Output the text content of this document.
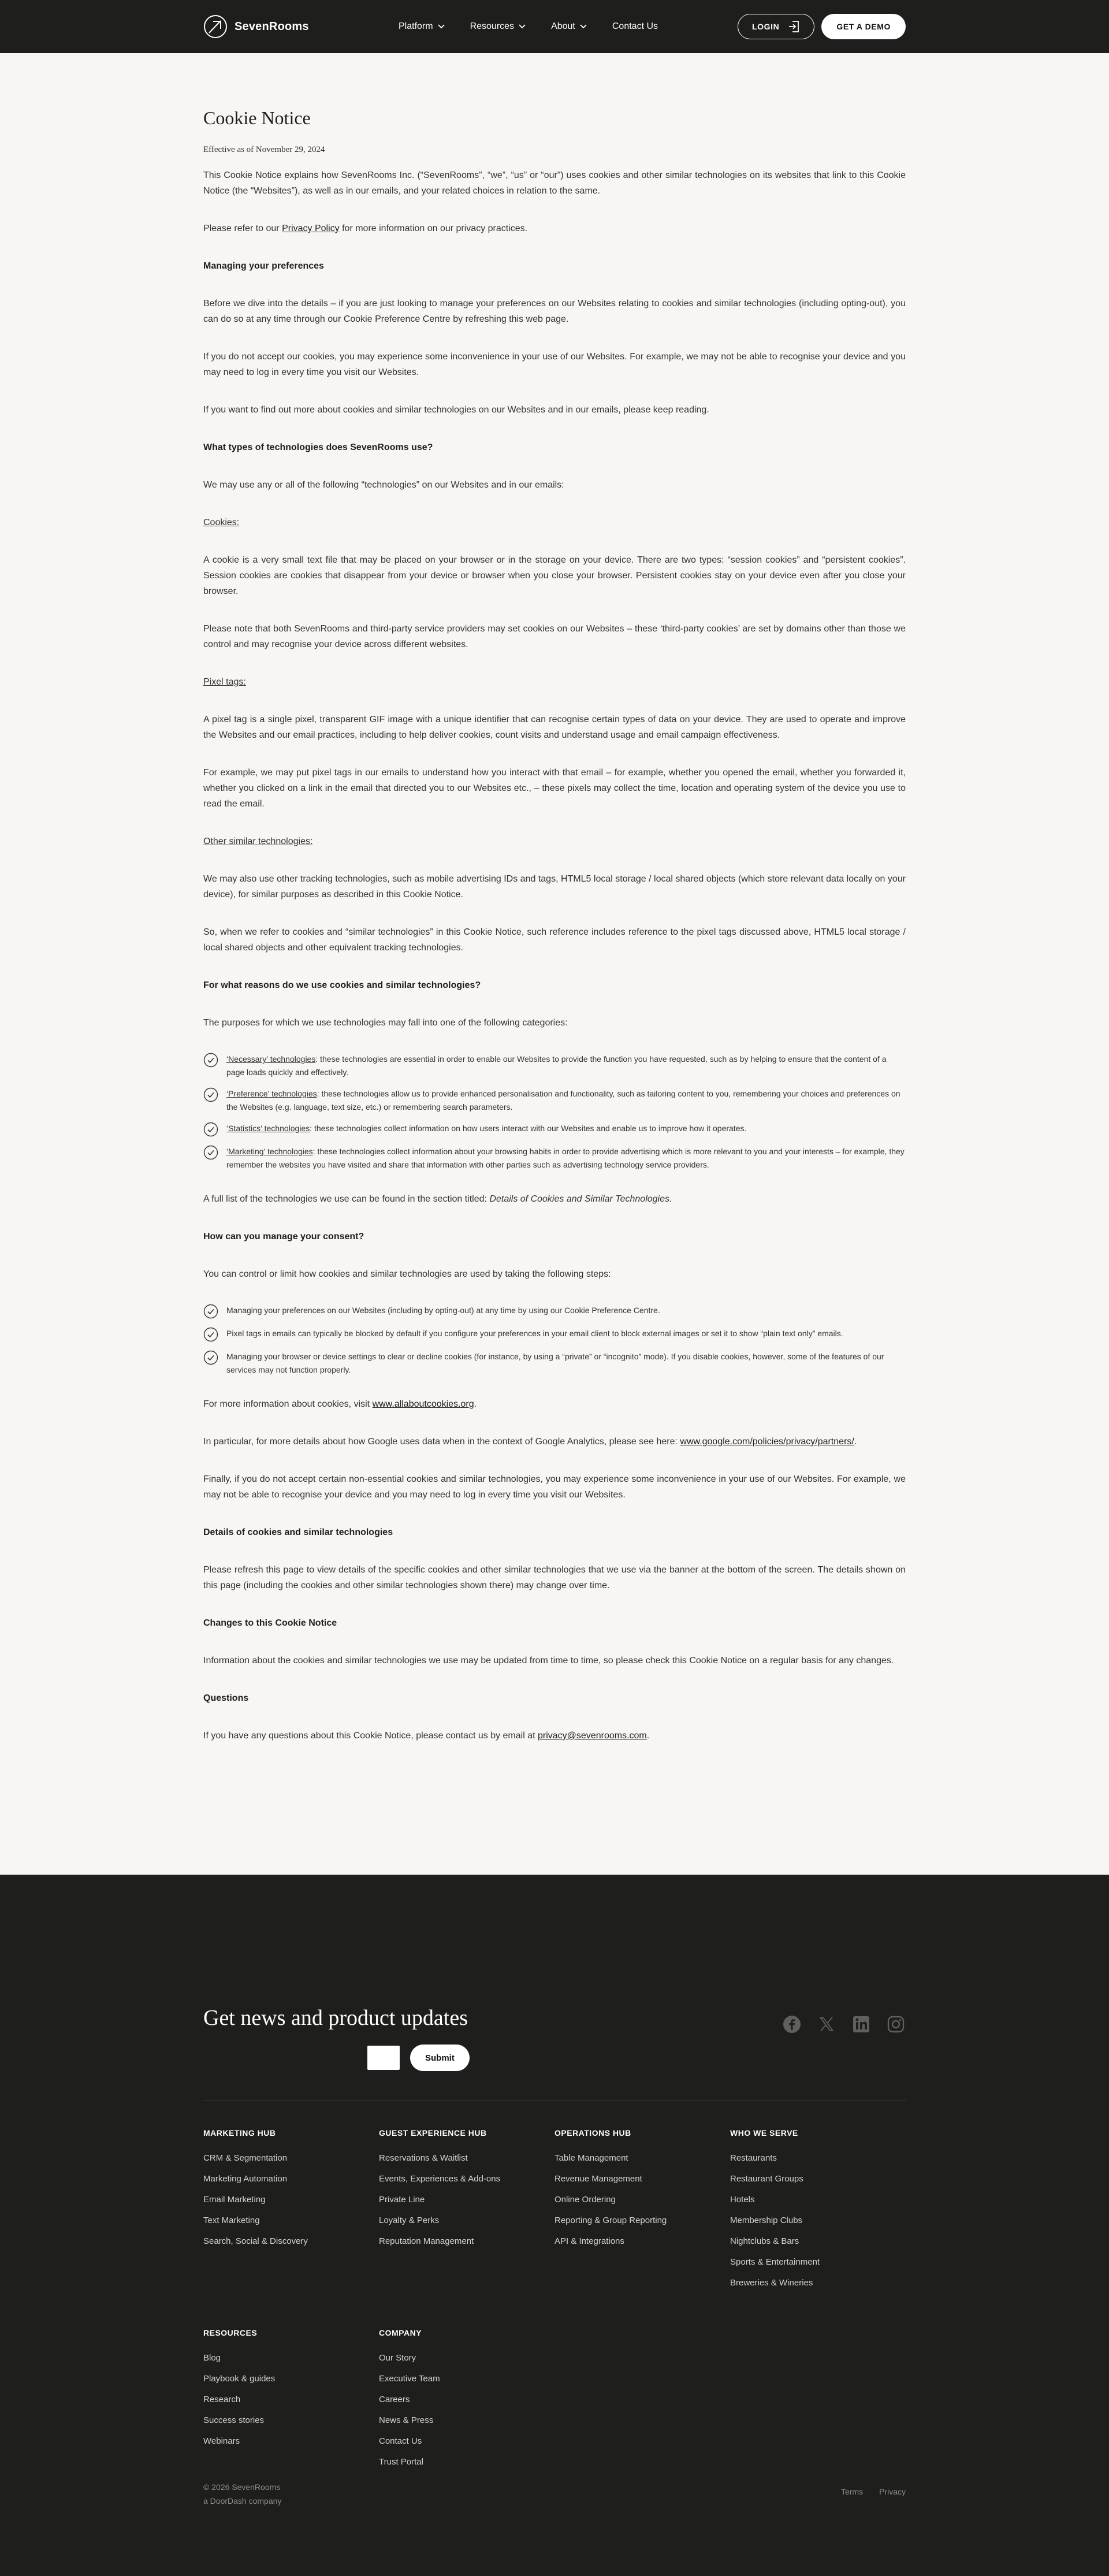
SevenRooms	Platform	Resources	About	Contact Us	LOGIN	GET A DEMO
Cookie Notice
Effective as of November 29, 2024

This Cookie Notice explains how SevenRooms Inc. (“SevenRooms”, “we”, “us” or “our”) uses cookies and other similar technologies on its websites that link to this Cookie Notice (the “Websites”), as well as in our emails, and your related choices in relation to the same.

Please refer to our Privacy Policy for more information on our privacy practices.

Managing your preferences

Before we dive into the details – if you are just looking to manage your preferences on our Websites relating to cookies and similar technologies (including opting-out), you can do so at any time through our Cookie Preference Centre by refreshing this web page.

If you do not accept our cookies, you may experience some inconvenience in your use of our Websites. For example, we may not be able to recognise your device and you may need to log in every time you visit our Websites.

If you want to find out more about cookies and similar technologies on our Websites and in our emails, please keep reading.

What types of technologies does SevenRooms use?

We may use any or all of the following “technologies” on our Websites and in our emails:

Cookies:

A cookie is a very small text file that may be placed on your browser or in the storage on your device. There are two types: “session cookies” and “persistent cookies”. Session cookies are cookies that disappear from your device or browser when you close your browser. Persistent cookies stay on your device even after you close your browser.

Please note that both SevenRooms and third-party service providers may set cookies on our Websites – these ‘third-party cookies’ are set by domains other than those we control and may recognise your device across different websites.

Pixel tags:

A pixel tag is a single pixel, transparent GIF image with a unique identifier that can recognise certain types of data on your device. They are used to operate and improve the Websites and our email practices, including to help deliver cookies, count visits and understand usage and email campaign effectiveness.

For example, we may put pixel tags in our emails to understand how you interact with that email – for example, whether you opened the email, whether you forwarded it, whether you clicked on a link in the email that directed you to our Websites etc., – these pixels may collect the time, location and operating system of the device you use to read the email.

Other similar technologies:

We may also use other tracking technologies, such as mobile advertising IDs and tags, HTML5 local storage / local shared objects (which store relevant data locally on your device), for similar purposes as described in this Cookie Notice.

So, when we refer to cookies and “similar technologies” in this Cookie Notice, such reference includes reference to the pixel tags discussed above, HTML5 local storage / local shared objects and other equivalent tracking technologies.

For what reasons do we use cookies and similar technologies?

The purposes for which we use technologies may fall into one of the following categories:

‘Necessary’ technologies: these technologies are essential in order to enable our Websites to provide the function you have requested, such as by helping to ensure that the content of a page loads quickly and effectively.
‘Preference’ technologies: these technologies allow us to provide enhanced personalisation and functionality, such as tailoring content to you, remembering your choices and preferences on the Websites (e.g. language, text size, etc.) or remembering search parameters.
‘Statistics’ technologies: these technologies collect information on how users interact with our Websites and enable us to improve how it operates.
‘Marketing’ technologies: these technologies collect information about your browsing habits in order to provide advertising which is more relevant to you and your interests – for example, they remember the websites you have visited and share that information with other parties such as advertising technology service providers.

A full list of the technologies we use can be found in the section titled: Details of Cookies and Similar Technologies.

How can you manage your consent?

You can control or limit how cookies and similar technologies are used by taking the following steps:

Managing your preferences on our Websites (including by opting-out) at any time by using our Cookie Preference Centre.
Pixel tags in emails can typically be blocked by default if you configure your preferences in your email client to block external images or set it to show “plain text only” emails.
Managing your browser or device settings to clear or decline cookies (for instance, by using a “private” or “incognito” mode). If you disable cookies, however, some of the features of our services may not function properly.

For more information about cookies, visit www.allaboutcookies.org.

In particular, for more details about how Google uses data when in the context of Google Analytics, please see here: www.google.com/policies/privacy/partners/.

Finally, if you do not accept certain non-essential cookies and similar technologies, you may experience some inconvenience in your use of our Websites. For example, we may not be able to recognise your device and you may need to log in every time you visit our Websites.

Details of cookies and similar technologies

Please refresh this page to view details of the specific cookies and other similar technologies that we use via the banner at the bottom of the screen. The details shown on this page (including the cookies and other similar technologies shown there) may change over time.

Changes to this Cookie Notice

Information about the cookies and similar technologies we use may be updated from time to time, so please check this Cookie Notice on a regular basis for any changes.

Questions

If you have any questions about this Cookie Notice, please contact us by email at privacy@sevenrooms.com.

Get news and product updates
Submit
MARKETING HUB
CRM & Segmentation
Marketing Automation
Email Marketing
Text Marketing
Search, Social & Discovery
GUEST EXPERIENCE HUB
Reservations & Waitlist
Events, Experiences & Add-ons
Private Line
Loyalty & Perks
Reputation Management
OPERATIONS HUB
Table Management
Revenue Management
Online Ordering
Reporting & Group Reporting
API & Integrations
WHO WE SERVE
Restaurants
Restaurant Groups
Hotels
Membership Clubs
Nightclubs & Bars
Sports & Entertainment
Breweries & Wineries
RESOURCES
Blog
Playbook & guides
Research
Success stories
Webinars
COMPANY
Our Story
Executive Team
Careers
News & Press
Contact Us
Trust Portal
© 2026 SevenRooms
a DoorDash company
Terms Privacy
